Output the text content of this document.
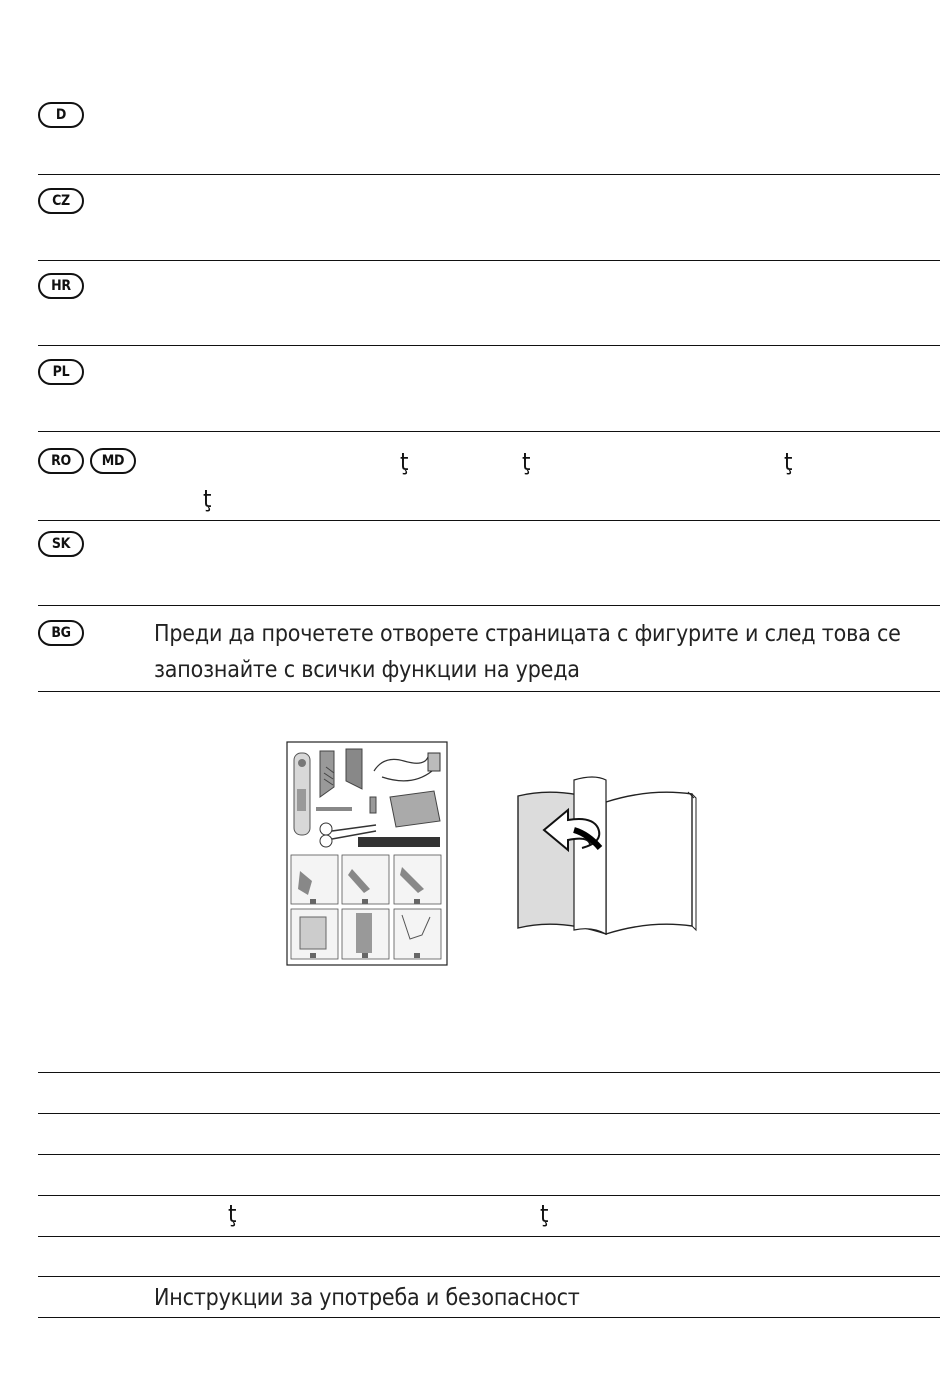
D
CZ
HR
PL
RO	MD	ţ	ţ	ţ
ţ
SK
BG	Преди да прочетете отворете страницата с фигурите и след това се
запознайте с всички функции на уреда
ţ	ţ
Инструкции за употреба и безопасност
